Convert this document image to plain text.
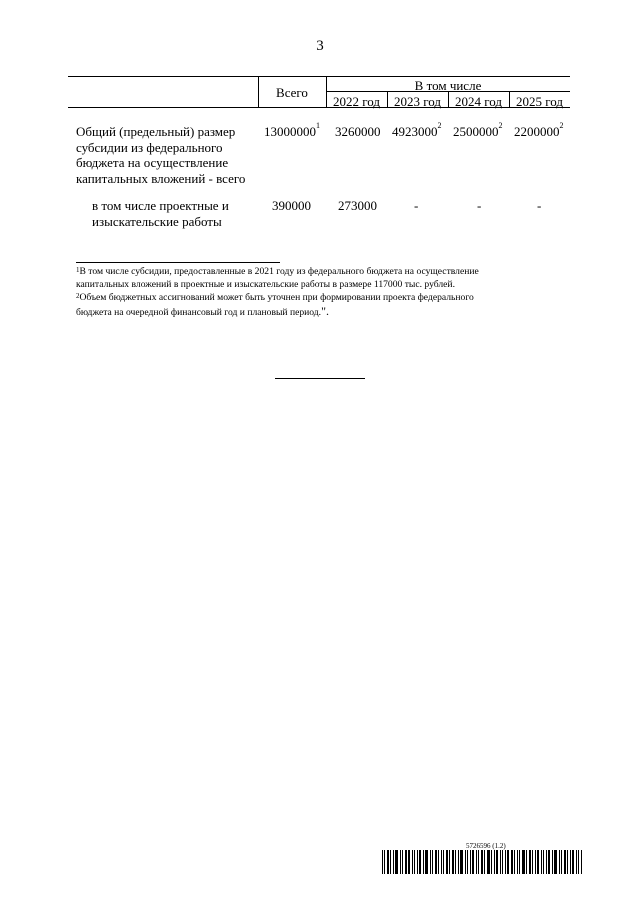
3
Всего	В том числе
2022 год	2023 год	2024 год	2025 год
Общий (предельный) размер
субсидии из федерального
бюджета на осуществление
капитальных вложений - всего
13000000$^1$ 3260000 4923000$^2$ 2500000$^2$ 2200000$^2$
в том числе проектные и
изыскательские работы
390000 273000	-	-	-
$^1$В том числе субсидии, предоставленные в 2021 году из федерального бюджета на осуществление
капитальных вложений в проектные и изыскательские работы в размере 117000 тыс. рублей.
$^2$Объем бюджетных ассигнований может быть уточнен при формировании проекта федерального
бюджета на очередной финансовый год и плановый период.".
5726596 (1.2)
